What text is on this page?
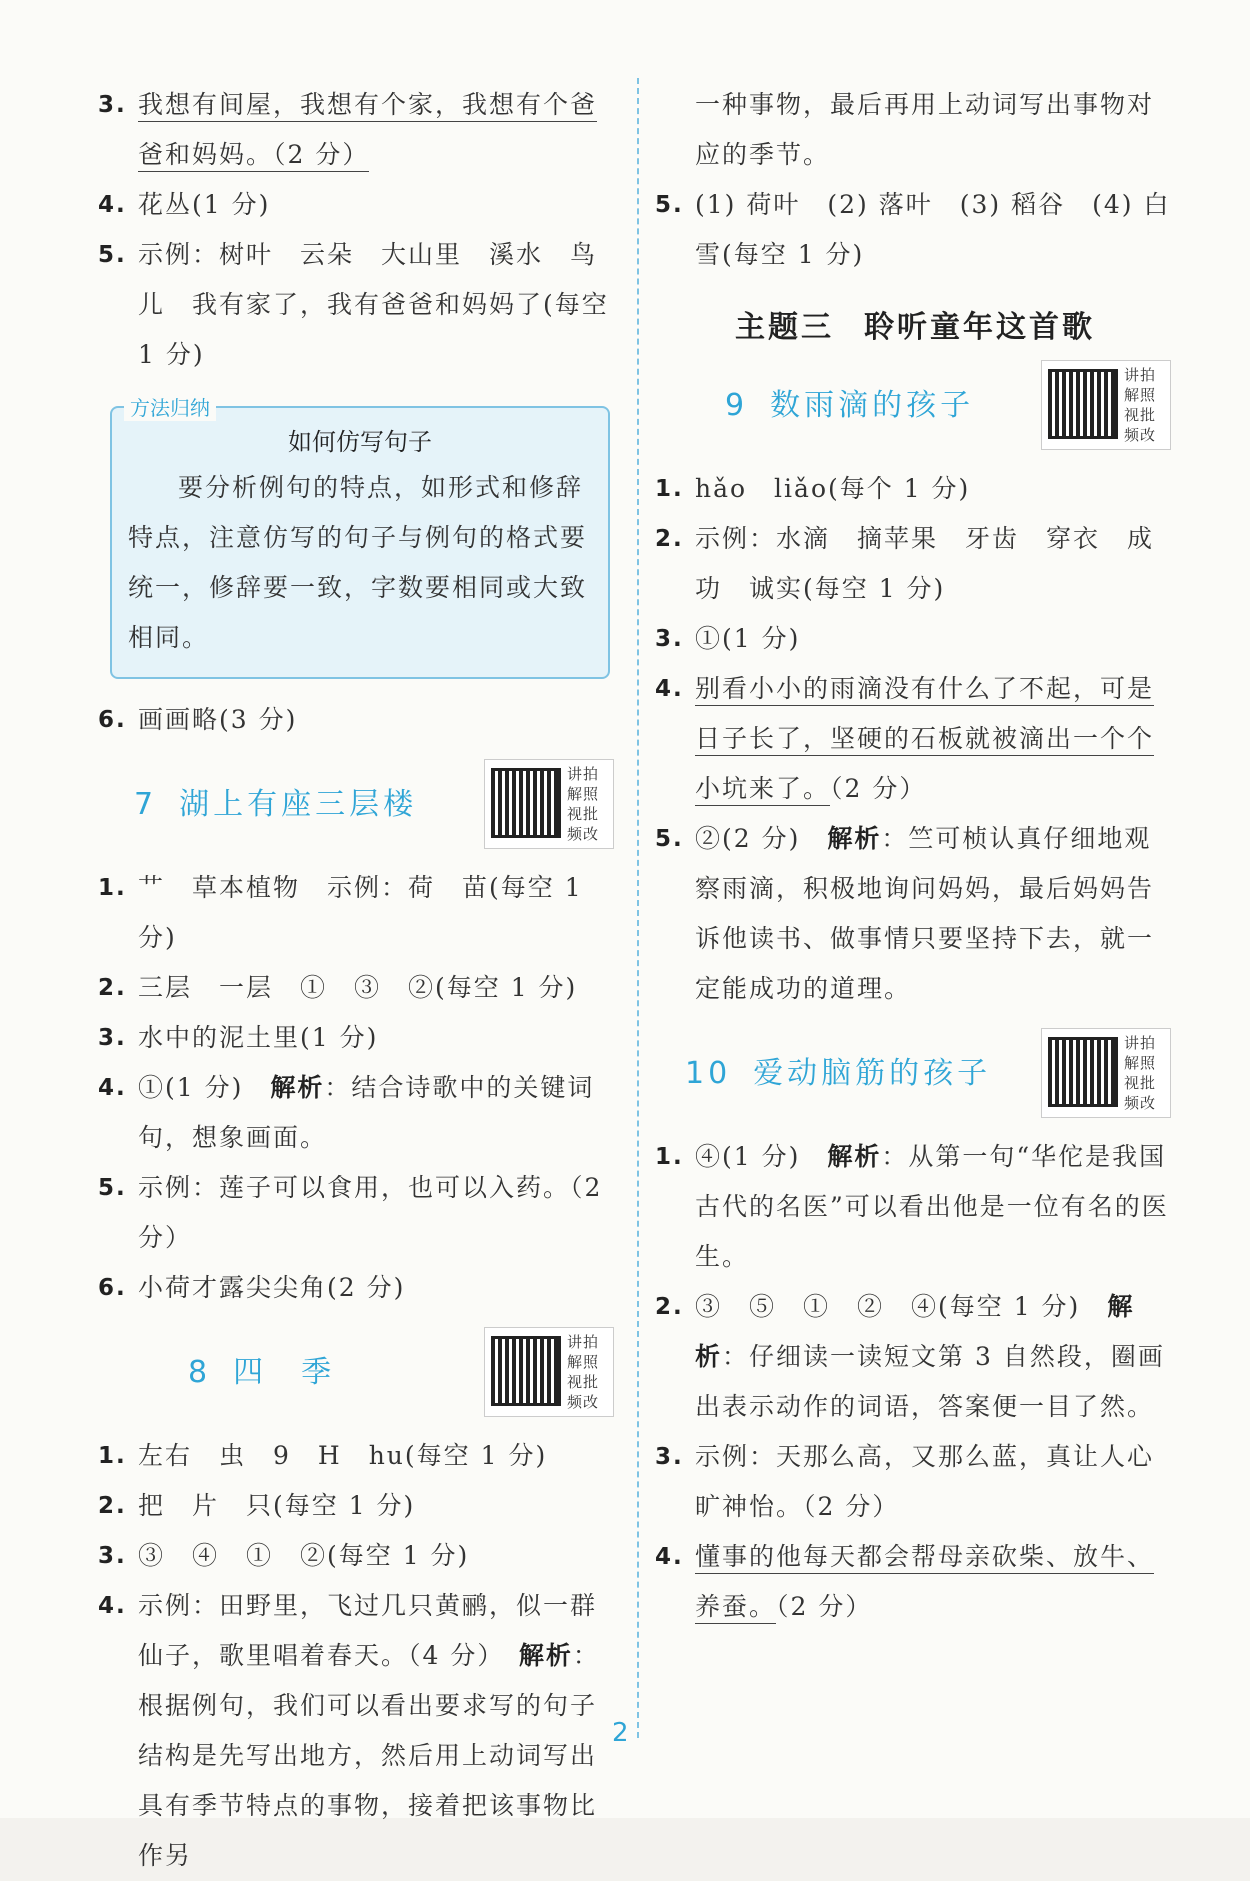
3. 我想有间屋，我想有个家，我想有个爸爸和妈妈。（2 分）
4. 花丛(1 分)
5. 示例：树叶　云朵　大山里　溪水　鸟儿　我有家了，我有爸爸和妈妈了(每空 1 分)
方法归纳
如何仿写句子
要分析例句的特点，如形式和修辞特点，注意仿写的句子与例句的格式要统一，修辞要一致，字数要相同或大致相同。
6. 画画略(3 分)
7 湖上有座三层楼
讲拍解照视批频改
1. 艹　草本植物　示例：荷　苗(每空 1 分)
2. 三层　一层　①　③　②(每空 1 分)
3. 水中的泥土里(1 分)
4. ①(1 分)　 解析：结合诗歌中的关键词句，想象画面。
5. 示例：莲子可以食用，也可以入药。（2 分）
6. 小荷才露尖尖角(2 分)
8 四　季
讲拍解照视批频改
1. 左右　虫　9　H　hu(每空 1 分)
2. 把　片　只(每空 1 分)
3. ③　④　①　②(每空 1 分)
4. 示例：田野里，飞过几只黄鹂，似一群仙子，歌里唱着春天。（4 分）　 解析：根据例句，我们可以看出要求写的句子结构是先写出地方，然后用上动词写出具有季节特点的事物，接着把该事物比作另
一种事物，最后再用上动词写出事物对应的季节。
5. (1) 荷叶　(2) 落叶　(3) 稻谷　(4) 白雪(每空 1 分)
主题三 聆听童年这首歌
9 数雨滴的孩子
讲拍解照视批频改
1. hǎo　liǎo(每个 1 分)
2. 示例：水滴　摘苹果　牙齿　穿衣　成功　诚实(每空 1 分)
3. ①(1 分)
4. 别看小小的雨滴没有什么了不起，可是日子长了，坚硬的石板就被滴出一个个小坑来了。（2 分）
5. ②(2 分)　解析：竺可桢认真仔细地观察雨滴，积极地询问妈妈，最后妈妈告诉他读书、做事情只要坚持下去，就一定能成功的道理。
10 爱动脑筋的孩子
讲拍解照视批频改
1. ④(1 分)　解析：从第一句“华佗是我国古代的名医”可以看出他是一位有名的医生。
2. ③　⑤　①　②　④(每空 1 分)　解析：仔细读一读短文第 3 自然段，圈画出表示动作的词语，答案便一目了然。
3. 示例：天那么高，又那么蓝，真让人心旷神怡。（2 分）
4. 懂事的他每天都会帮母亲砍柴、放牛、养蚕。（2 分）
2
